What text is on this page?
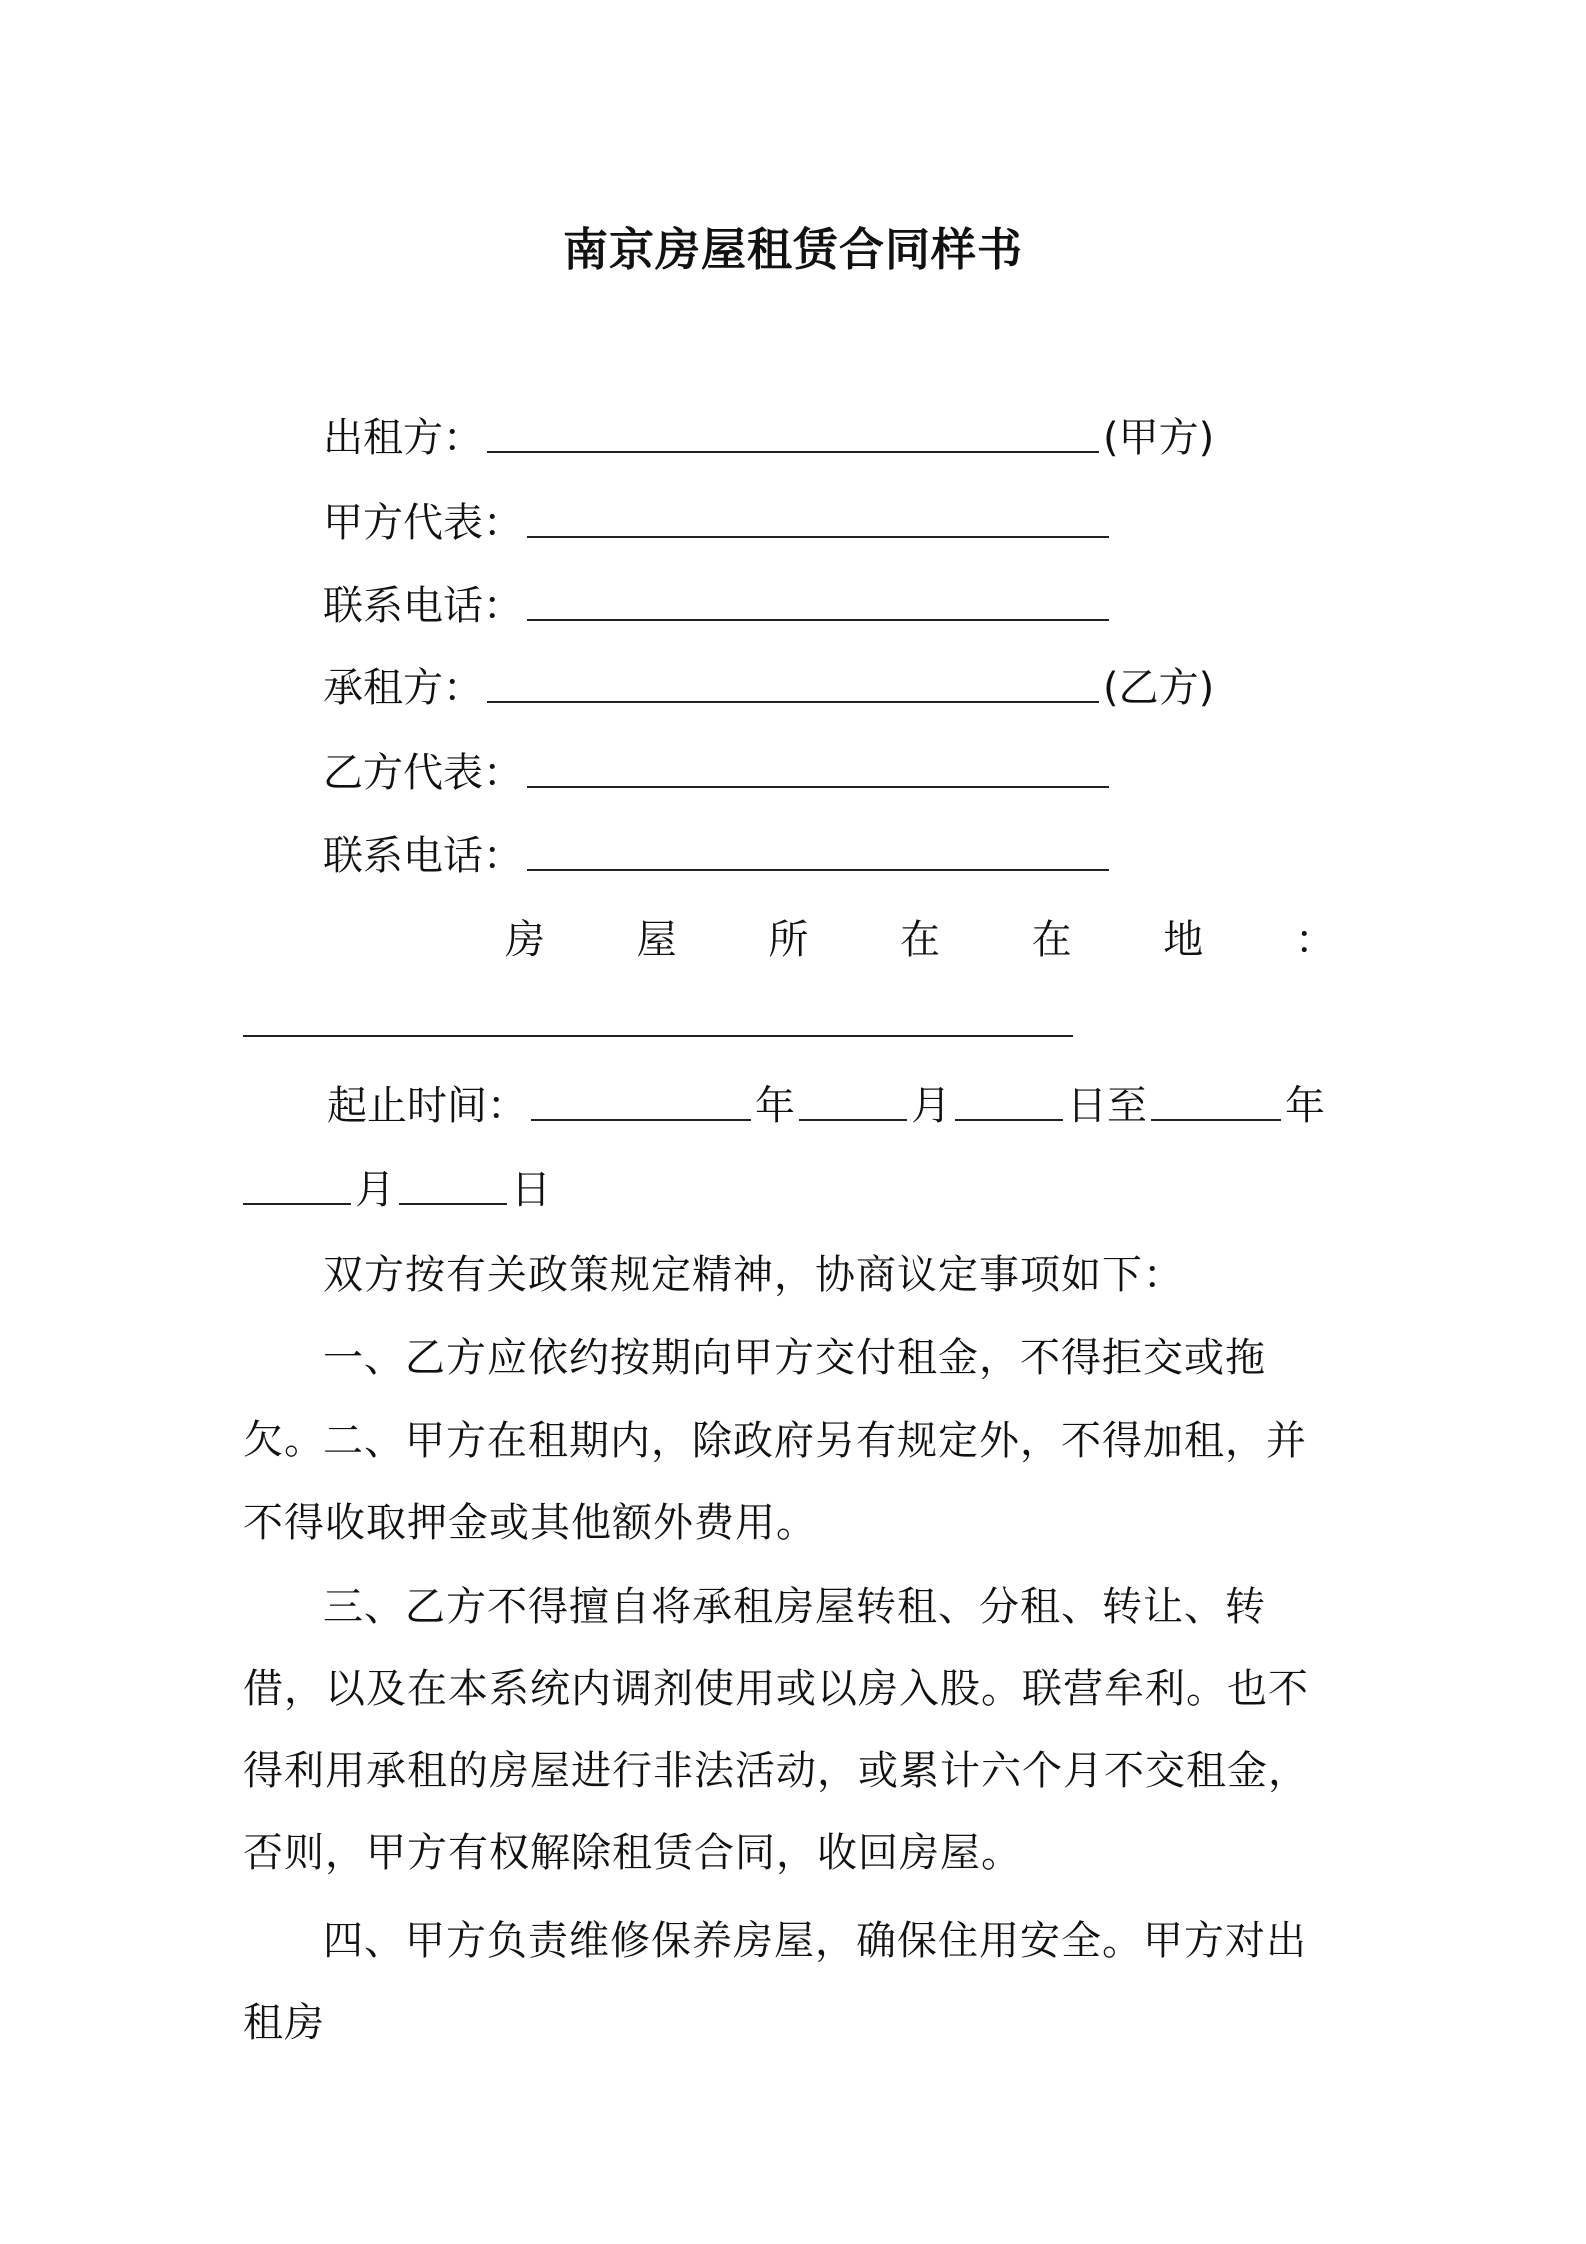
南京房屋租赁合同样书
出租方：	(甲方)
甲方代表：
联系电话：
承租方：	(乙方)
乙方代表：
联系电话：
房 屋 所 在 在 地 ：
起止时间：	年	月	日至	年
月	日
双方按有关政策规定精神，协商议定事项如下：
一、乙方应依约按期向甲方交付租金，不得拒交或拖欠。
二、甲方在租期内，除政府另有规定外，不得加租，并不得收取押金或其他额外费用。
三、乙方不得擅自将承租房屋转租、分租、转让、转借，以及在本系统内调剂使用或以房入股。联营牟利。也不得利用承租的房屋进行非法活动，或累计六个月不交租金，否则，甲方有权解除租赁合同，收回房屋。
四、甲方负责维修保养房屋，确保住用安全。甲方对出租房
